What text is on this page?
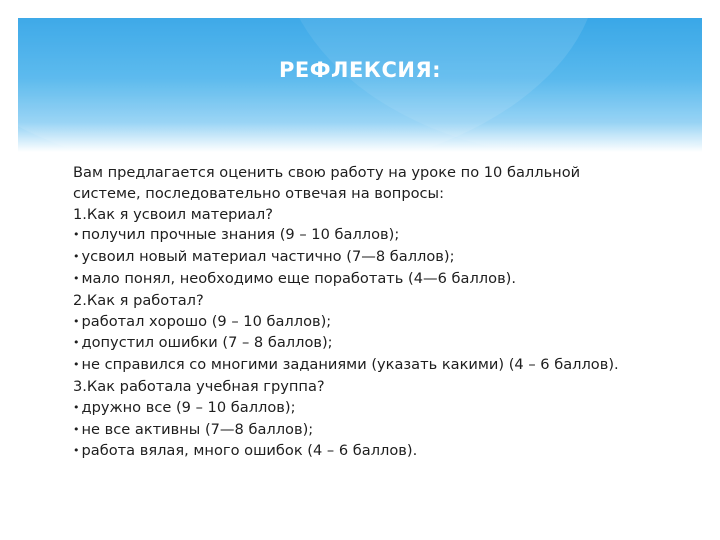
РЕФЛЕКСИЯ:
Вам предлагается оценить свою работу на уроке по 10 балльной
системе, последовательно отвечая на вопросы:
1.Как я усвоил материал?
• получил прочные знания (9 – 10 баллов);
• усвоил новый материал частично (7—8 баллов);
• мало понял, необходимо еще поработать (4—6 баллов).
2.Как я работал?
• работал хорошо (9 – 10 баллов);
• допустил ошибки (7 – 8 баллов);
• не справился со многими заданиями (указать какими) (4 – 6 баллов).
3.Как работала учебная группа?
• дружно все (9 – 10 баллов);
• не все активны (7—8 баллов);
• работа вялая, много ошибок (4 – 6 баллов).
